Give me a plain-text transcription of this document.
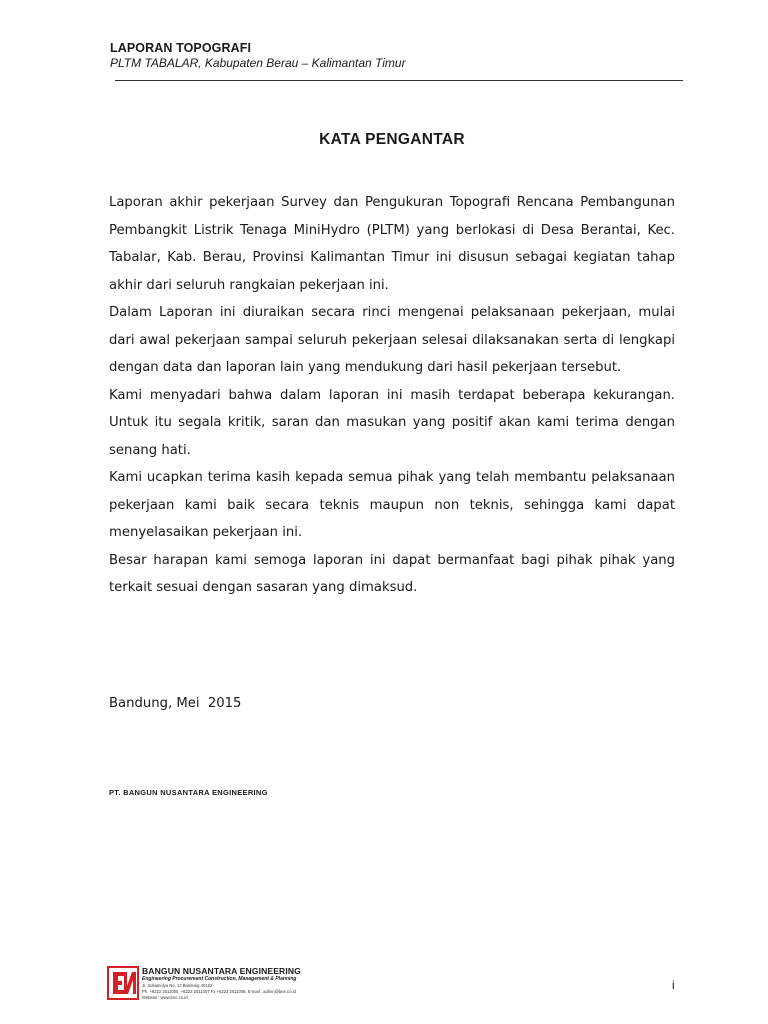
LAPORAN TOPOGRAFI
PLTM TABALAR, Kabupaten Berau – Kalimantan Timur
KATA PENGANTAR

Laporan akhir pekerjaan Survey dan Pengukuran Topografi Rencana Pembangunan Pembangkit Listrik Tenaga MiniHydro (PLTM) yang berlokasi di Desa Berantai, Kec. Tabalar, Kab. Berau, Provinsi Kalimantan Timur ini disusun sebagai kegiatan tahap akhir dari seluruh rangkaian pekerjaan ini.

Dalam Laporan ini diuraikan secara rinci mengenai pelaksanaan pekerjaan, mulai dari awal pekerjaan sampai seluruh pekerjaan selesai dilaksanakan serta di lengkapi dengan data dan laporan lain yang mendukung dari hasil pekerjaan tersebut.

Kami menyadari bahwa dalam laporan ini masih terdapat beberapa kekurangan. Untuk itu segala kritik, saran dan masukan yang positif akan kami terima dengan senang hati.

Kami ucapkan terima kasih kepada semua pihak yang telah membantu pelaksanaan pekerjaan kami baik secara teknis maupun non teknis, sehingga kami dapat menyelasaikan pekerjaan ini.

Besar harapan kami semoga laporan ini dapat bermanfaat bagi pihak pihak yang terkait sesuai dengan sasaran yang dimaksud.

Bandung, Mei  2015
PT. BANGUN NUSANTARA ENGINEERING
BANGUN NUSANTARA ENGINEERING
Engineering Procurement Construction, Management & Planning
Jl. Sukamulya No. 13 Bandung 40152
Ph. +6222 2011000, +6222 2011007 Fx +6222 2011008, E-mail : admin@bne.co.id
Website : www.bne.co.id
i
